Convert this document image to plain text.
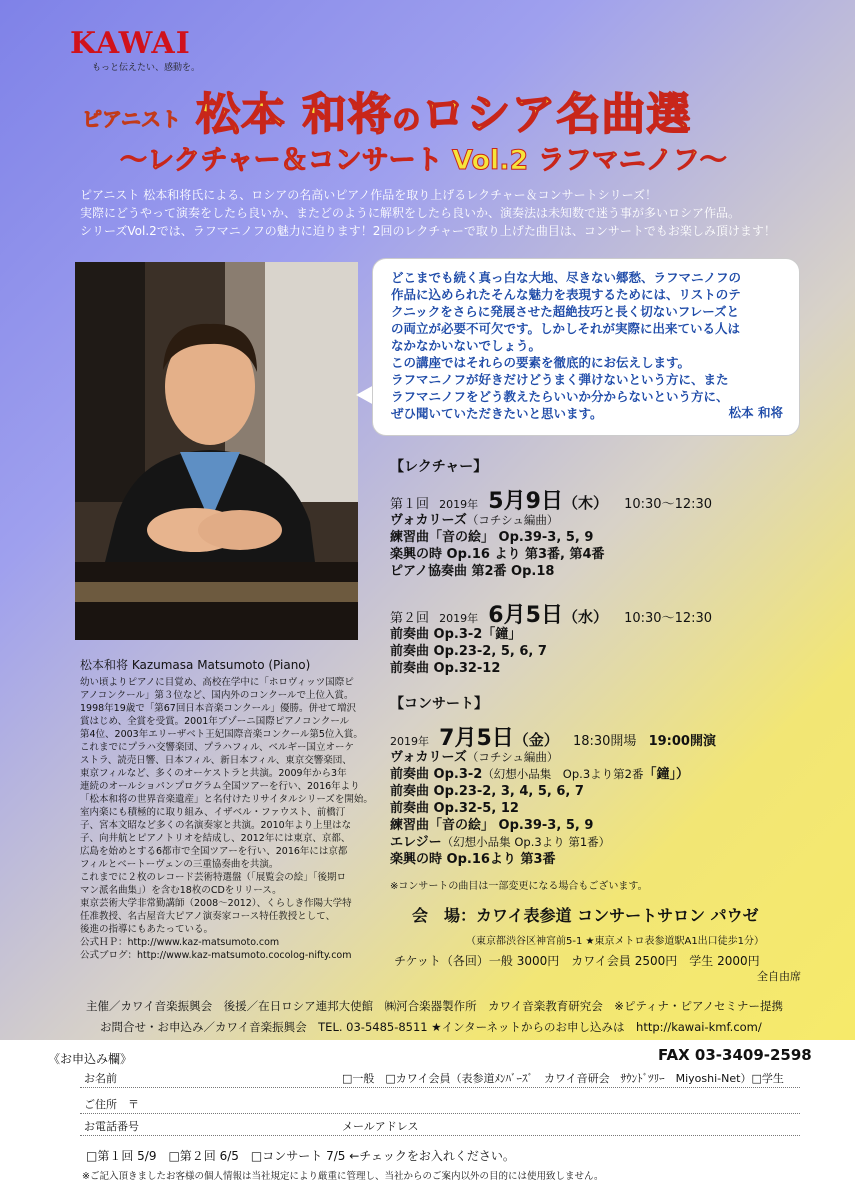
KAWAI
もっと伝えたい、感動を。
ピアニスト 松本 和将のロシア名曲選
〜レクチャー＆コンサート Vol.2 ラフマニノフ〜
ピアニスト 松本和将氏による、ロシアの名高いピアノ作品を取り上げるレクチャー＆コンサートシリーズ！
実際にどうやって演奏をしたら良いか、またどのように解釈をしたら良いか、演奏法は未知数で迷う事が多いロシア作品。
シリーズVol.2では、ラフマニノフの魅力に迫ります！2回のレクチャーで取り上げた曲目は、コンサートでもお楽しみ頂けます！

どこまでも続く真っ白な大地、尽きない郷愁、ラフマニノフの

作品に込められたそんな魅力を表現するためには、リストのテ

クニックをさらに発展させた超絶技巧と長く切ないフレーズと

の両立が必要不可欠です。しかしそれが実際に出来ている人は

なかなかいないでしょう。

この講座ではそれらの要素を徹底的にお伝えします。

ラフマニノフが好きだけどうまく弾けないという方に、また

ラフマニノフをどう教えたらいいか分からないという方に、

ぜひ聞いていただきたいと思います。	松本 和将
【レクチャー】
第１回 2019年 5月9日（木） 10:30〜12:30
ヴォカリーズ（コチシュ編曲）
練習曲「音の絵」 Op.39-3, 5, 9
楽興の時 Op.16 より 第3番, 第4番
ピアノ協奏曲 第2番 Op.18
第２回 2019年 6月5日（水） 10:30〜12:30
前奏曲 Op.3-2「鐘」
前奏曲 Op.23-2, 5, 6, 7
前奏曲 Op.32-12
【コンサート】
2019年 7月5日（金） 18:30開場 19:00開演
ヴォカリーズ（コチシュ編曲）
前奏曲 Op.3-2（幻想小品集　Op.3より第2番「鐘」）
前奏曲 Op.23-2, 3, 4, 5, 6, 7
前奏曲 Op.32-5, 12
練習曲「音の絵」 Op.39-3, 5, 9
エレジー（幻想小品集 Op.3より 第1番）
楽興の時 Op.16より 第3番
※コンサートの曲目は一部変更になる場合もございます。
会　場：カワイ表参道 コンサートサロン パウゼ
（東京都渋谷区神宮前5-1 ★東京メトロ表参道駅A1出口徒歩1分）
チケット（各回）一般 3000円　カワイ会員 2500円　学生 2000円
全自由席
松本和将 Kazumasa Matsumoto (Piano)
幼い頃よりピアノに目覚め、高校在学中に「ホロヴィッツ国際ピ
アノコンクール」第３位など、国内外のコンクールで上位入賞。
1998年19歳で「第67回日本音楽コンクール」優勝。併せて増沢
賞はじめ、全賞を受賞。2001年ブゾーニ国際ピアノコンクール
第4位、2003年エリーザベト王妃国際音楽コンクール第5位入賞。
これまでにプラハ交響楽団、プラハフィル、ベルギー国立オーケ
ストラ、読売日響、日本フィル、新日本フィル、東京交響楽団、
東京フィルなど、多くのオーケストラと共演。2009年から3年
連続のオールショパンプログラム全国ツアーを行い、2016年より
「松本和将の世界音楽遺産」と名付けたリサイタルシリーズを開始。
室内楽にも積極的に取り組み、イザベル・ファウスト、前橋汀
子、宮本文昭など多くの名演奏家と共演。2010年より上里はな
子、向井航とピアノトリオを結成し、2012年には東京、京都、
広島を始めとする6都市で全国ツアーを行い、2016年には京都
フィルとベートーヴェンの三重協奏曲を共演。
これまでに２枚のレコード芸術特選盤（「展覧会の絵」「後期ロ
マン派名曲集」）を含む18枚のCDをリリース。
東京芸術大学非常勤講師（2008〜2012）、くらしき作陽大学特
任准教授、名古屋音大ピアノ演奏家コース特任教授として、
後進の指導にもあたっている。
公式ＨＰ：http://www.kaz-matsumoto.com
公式ブログ：http://www.kaz-matsumoto.cocolog-nifty.com
主催／カワイ音楽振興会　後援／在日ロシア連邦大使館　㈱河合楽器製作所　カワイ音楽教育研究会　※ピティナ・ピアノセミナー提携
お問合せ・お申込み／カワイ音楽振興会　TEL. 03-5485-8511 ★インターネットからのお申し込みは　http://kawai-kmf.com/
《お申込み欄》	FAX 03-3409-2598
お名前	□一般　□カワイ会員（表参道ﾒﾝﾊﾞｰｽﾞ　カワイ音研会　ｻｳﾝﾄﾞﾂﾘｰ　Miyoshi-Net）□学生
ご住所　〒
お電話番号	メールアドレス
□第１回 5/9　□第２回 6/5　□コンサート 7/5 ←チェックをお入れください。
※ご記入頂きましたお客様の個人情報は当社規定により厳重に管理し、当社からのご案内以外の目的には使用致しません。
